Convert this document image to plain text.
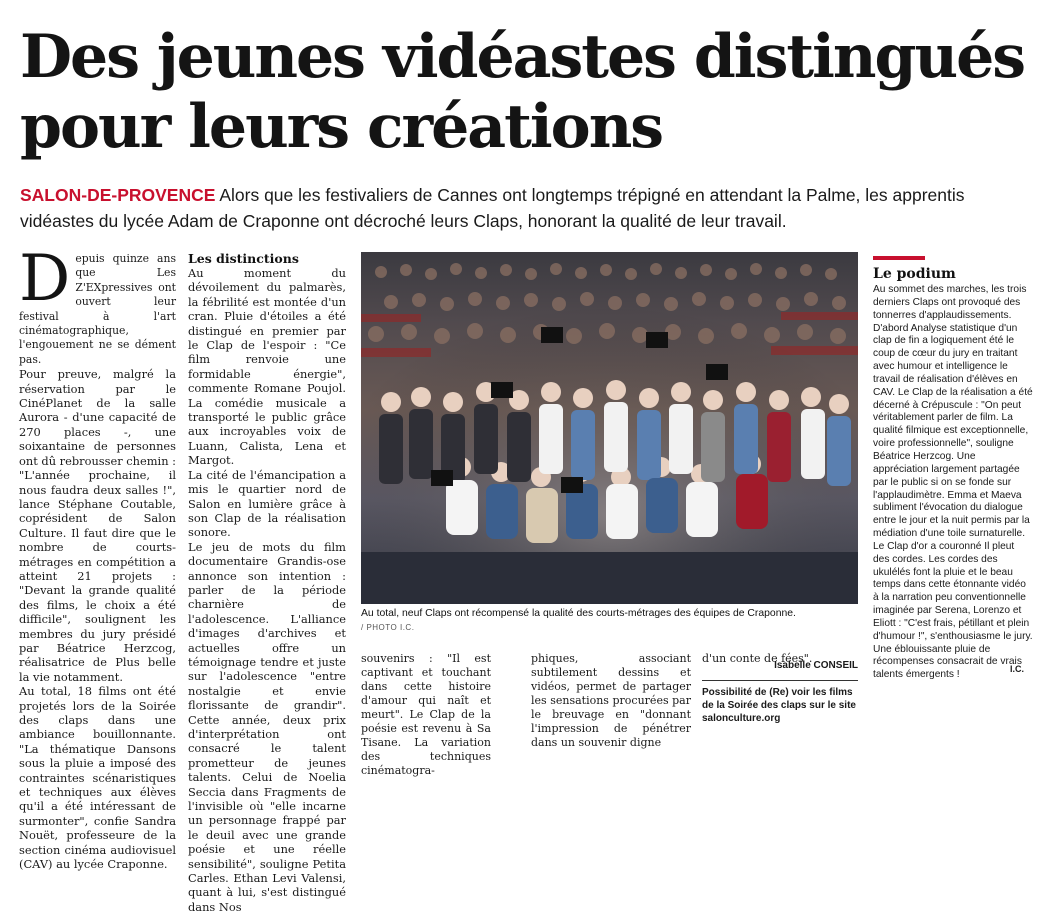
Des jeunes vidéastes distingués
pour leurs créations

SALON-DE-PROVENCE Alors que les festivaliers de Cannes ont longtemps trépigné en attendant la Palme, les apprentis vidéastes du lycée Adam de Craponne ont décroché leurs Claps, honorant la qualité de leur travail.

Depuis quinze ans que Les Z'EXpressives ont ouvert leur festival à l'art cinématographique, l'engouement ne se dément pas.

Pour preuve, malgré la réservation par le CinéPlanet de la salle Aurora - d'une capacité de 270 places -, une soixantaine de personnes ont dû rebrousser chemin : "L'année prochaine, il nous faudra deux salles !", lance Stéphane Coutable, coprésident de Salon Culture. Il faut dire que le nombre de courts-métrages en compétition a atteint 21 projets : "Devant la grande qualité des films, le choix a été difficile", soulignent les membres du jury présidé par Béatrice Herzcog, réalisatrice de Plus belle la vie notamment.

Au total, 18 films ont été projetés lors de la Soirée des claps dans une ambiance bouillonnante. "La thématique Dansons sous la pluie a imposé des contraintes scénaristiques et techniques aux élèves qu'il a été intéressant de surmonter", confie Sandra Nouët, professeure de la section cinéma audiovisuel (CAV) au lycée Craponne.

Les distinctions

Au moment du dévoilement du palmarès, la fébrilité est montée d'un cran. Pluie d'étoiles a été distingué en premier par le Clap de l'espoir : "Ce film renvoie une formidable énergie", commente Romane Poujol. La comédie musicale a transporté le public grâce aux incroyables voix de Luann, Calista, Lena et Margot.

La cité de l'émancipation a mis le quartier nord de Salon en lumière grâce à son Clap de la réalisation sonore.

Le jeu de mots du film documentaire Grandis-ose annonce son intention : parler de la période charnière de l'adolescence. L'alliance d'images d'archives et actuelles offre un témoignage tendre et juste sur l'adolescence "entre nostalgie et envie florissante de grandir". Cette année, deux prix d'interprétation ont consacré le talent prometteur de jeunes talents. Celui de Noelia Seccia dans Fragments de l'invisible où "elle incarne un personnage frappé par le deuil avec une grande poésie et une réelle sensibilité", souligne Petita Carles. Ethan Levi Valensi, quant à lui, s'est distingué dans Nos

Au total, neuf Claps ont récompensé la qualité des courts-métrages des équipes de Craponne.

/ PHOTO I.C.

souvenirs : "Il est captivant et touchant dans cette histoire d'amour qui naît et meurt". Le Clap de la poésie est revenu à Sa Tisane. La variation des techniques cinématogra-

phiques, associant subtilement dessins et vidéos, permet de partager les sensations procurées par le breuvage en "donnant l'impression de pénétrer dans un souvenir digne

d'un conte de fées".

Isabelle CONSEIL

Possibilité de (Re) voir les films de la Soirée des claps sur le site salonculture.org

Le podium

Au sommet des marches, les trois derniers Claps ont provoqué des tonnerres d'applaudissements. D'abord Analyse statistique d'un clap de fin a logiquement été le coup de cœur du jury en traitant avec humour et intelligence le travail de réalisation d'élèves en CAV. Le Clap de la réalisation a été décerné à Crépuscule : "On peut véritablement parler de film. La qualité filmique est exceptionnelle, voire professionnelle", souligne Béatrice Herzcog. Une appréciation largement partagée par le public si on se fonde sur l'applaudimètre. Emma et Maeva subliment l'évocation du dialogue entre le jour et la nuit permis par la médiation d'une toile surnaturelle. Le Clap d'or a couronné Il pleut des cordes. Les cordes des ukulélés font la pluie et le beau temps dans cette étonnante vidéo à la narration peu conventionnelle imaginée par Serena, Lorenzo et Eliott : "C'est frais, pétillant et plein d'humour !", s'enthousiasme le jury. Une éblouissante pluie de récompenses consacrait de vrais talents émergents !

I.C.
